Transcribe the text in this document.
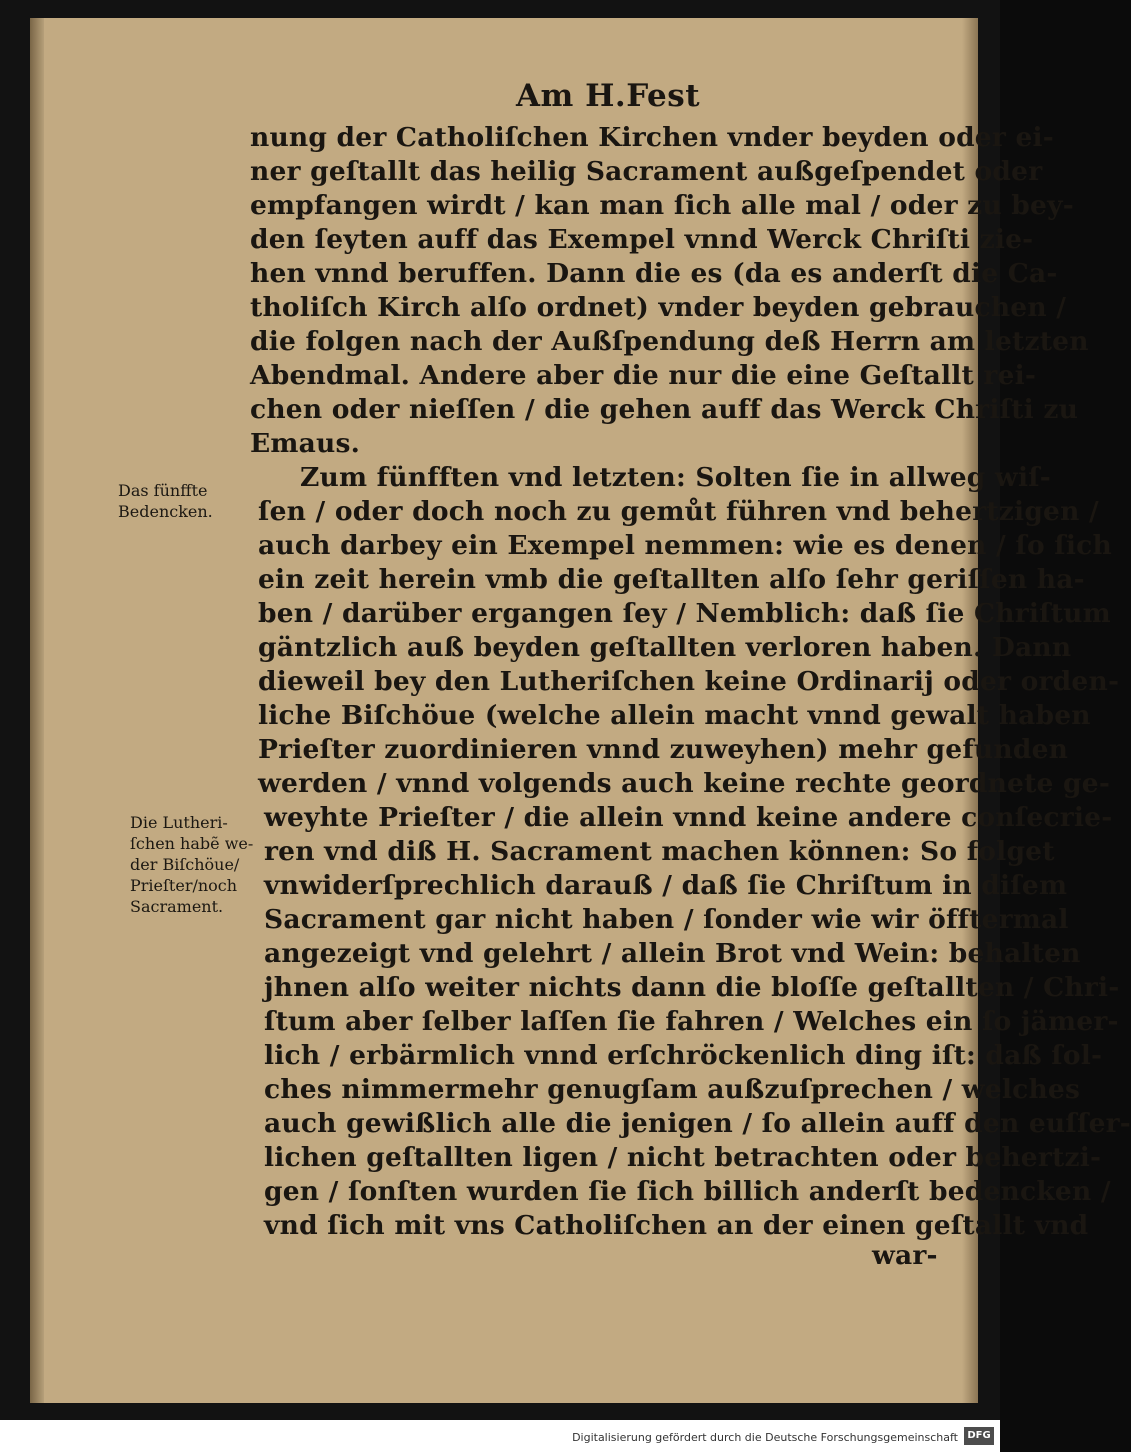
Am H.Fest
nung der Catholiſchen Kirchen vnder beyden oder ei-
ner geſtallt das heilig Sacrament außgeſpendet oder
empfangen wirdt / kan man ſich alle mal / oder zu bey-
den ſeyten auff das Exempel vnnd Werck Chriſti zie-
hen vnnd beruffen. Dann die es (da es anderſt die Ca-
tholiſch Kirch alſo ordnet) vnder beyden gebrauchen /
die folgen nach der Außſpendung deß Herrn am letzten
Abendmal. Andere aber die nur die eine Geſtallt rei-
chen oder nieſſen / die gehen auff das Werck Chriſti zu
Emaus.
Zum fünfften vnd letzten: Solten ſie in allweg wiſ-
ſen / oder doch noch zu gemůt führen vnd behertzigen /
auch darbey ein Exempel nemmen: wie es denen / ſo ſich
ein zeit herein vmb die geſtallten alſo ſehr geriſſen ha-
ben / darüber ergangen ſey / Nemblich: daß ſie Chriſtum
gäntzlich auß beyden geſtallten verloren haben. Dann
dieweil bey den Lutheriſchen keine Ordinarij oder orden-
liche Biſchöue (welche allein macht vnnd gewalt haben
Prieſter zuordinieren vnnd zuweyhen) mehr gefunden
werden / vnnd volgends auch keine rechte geordnete ge-
weyhte Prieſter / die allein vnnd keine andere conſecrie-
ren vnd diß H. Sacrament machen können: So folget
vnwiderſprechlich darauß / daß ſie Chriſtum in diſem
Sacrament gar nicht haben / ſonder wie wir öfftermal
angezeigt vnd gelehrt / allein Brot vnd Wein: behalten
jhnen alſo weiter nichts dann die bloſſe geſtallten / Chri-
ſtum aber ſelber laſſen ſie fahren / Welches ein ſo jämer-
lich / erbärmlich vnnd erſchröckenlich ding iſt: daß ſol-
ches nimmermehr genugſam außzuſprechen / welches
auch gewißlich alle die jenigen / ſo allein auff den euſſer-
lichen geſtallten ligen / nicht betrachten oder behertzi-
gen / ſonſten wurden ſie ſich billich anderſt bedencken /
vnd ſich mit vns Catholiſchen an der einen geſtallt vnd
war-
Das fünffte
Bedencken.
Die Lutheri-
ſchen habẽ we-
der Biſchöue/
Prieſter/noch
Sacrament.
Digitalisierung gefördert durch die Deutsche Forschungsgemeinschaft DFG
